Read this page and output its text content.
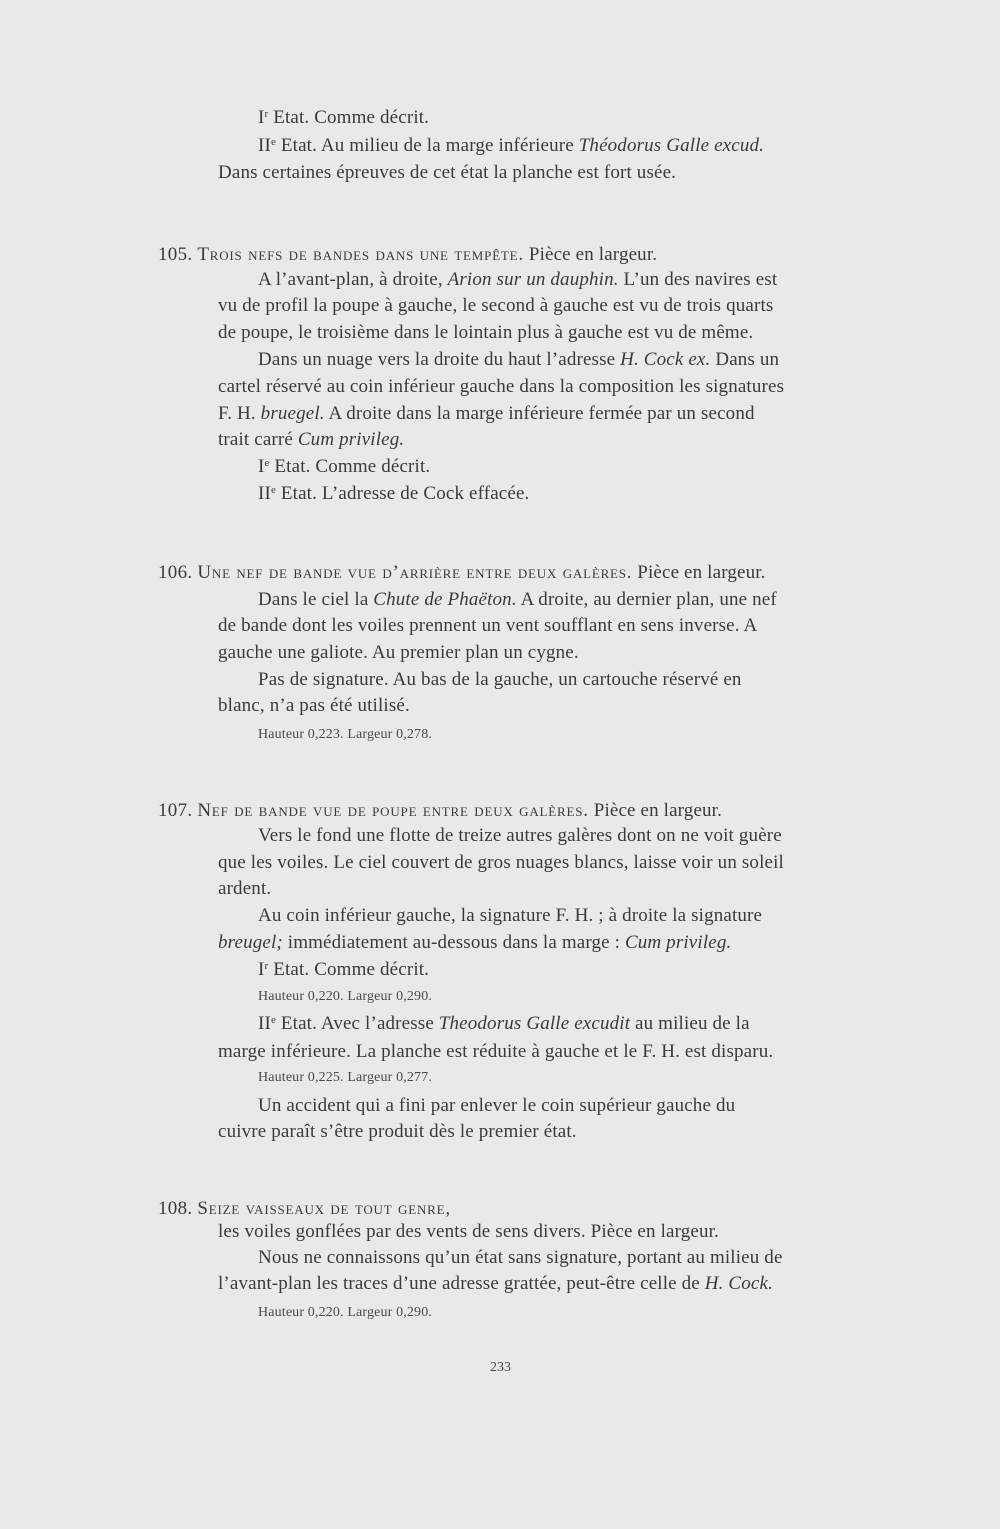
$I^r$ Etat. Comme décrit.
IIe Etat. Au milieu de la marge inférieure Théodorus Galle excud.
Dans certaines épreuves de cet état la planche est fort usée.
105. Trois nefs de bandes dans une tempête. Pièce en largeur.
A l’avant-plan, à droite, Arion sur un dauphin. L’un des navires est
vu de profil la poupe à gauche, le second à gauche est vu de trois quarts
de poupe, le troisième dans le lointain plus à gauche est vu de même.
Dans un nuage vers la droite du haut l’adresse H. Cock ex. Dans un
cartel réservé au coin inférieur gauche dans la composition les signatures
F. H. bruegel. A droite dans la marge inférieure fermée par un second
trait carré Cum privileg.
Ie Etat. Comme décrit.
IIe Etat. L’adresse de Cock effacée.
106. Une nef de bande vue d’arrière entre deux galères. Pièce en largeur.
Dans le ciel la Chute de Phaëton. A droite, au dernier plan, une nef
de bande dont les voiles prennent un vent soufflant en sens inverse. A
gauche une galiote. Au premier plan un cygne.
Pas de signature. Au bas de la gauche, un cartouche réservé en
blanc, n’a pas été utilisé.
Hauteur 0,223. Largeur 0,278.
107. Nef de bande vue de poupe entre deux galères. Pièce en largeur.
Vers le fond une flotte de treize autres galères dont on ne voit guère
que les voiles. Le ciel couvert de gros nuages blancs, laisse voir un soleil
ardent.
Au coin inférieur gauche, la signature F. H. ; à droite la signature
breugel; immédiatement au-dessous dans la marge : Cum privileg.
$I^r$ Etat. Comme décrit.
Hauteur 0,220. Largeur 0,290.
IIe Etat. Avec l’adresse Theodorus Galle excudit au milieu de la
marge inférieure. La planche est réduite à gauche et le F. H. est disparu.
Hauteur 0,225. Largeur 0,277.
Un accident qui a fini par enlever le coin supérieur gauche du
cuivre paraît s’être produit dès le premier état.
108. Seize vaisseaux de tout genre,
les voiles gonflées par des vents de sens divers. Pièce en largeur.
Nous ne connaissons qu’un état sans signature, portant au milieu de
l’avant-plan les traces d’une adresse grattée, peut-être celle de H. Cock.
Hauteur 0,220. Largeur 0,290.
233
